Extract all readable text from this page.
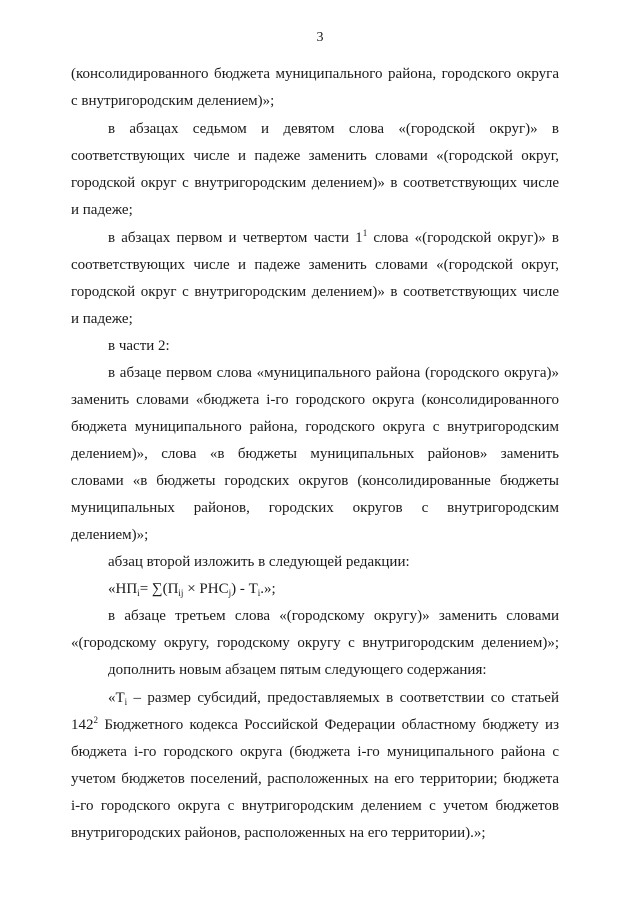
3
(консолидированного бюджета муниципального района, городского округа
с внутригородским делением)»;
в абзацах седьмом и девятом слова «(городской округ)» в
соответствующих числе и падеже заменить словами «(городской округ,
городской округ с внутригородским делением)» в соответствующих числе
и падеже;
в абзацах первом и четвертом части $1^1$ слова «(городской округ)» в
соответствующих числе и падеже заменить словами «(городской округ,
городской округ с внутригородским делением)» в соответствующих числе
и падеже;
в части 2:
в абзаце первом слова «муниципального района (городского округа)»
заменить словами «бюджета i-го городского округа (консолидированного
бюджета муниципального района, городского округа с внутригородским
делением)», слова «в бюджеты муниципальных районов» заменить
словами «в бюджеты городских округов (консолидированные бюджеты
муниципальных районов, городских округов с внутригородским
делением)»;
абзац второй изложить в следующей редакции:
«$НП_i= \sum(П_{ij} \times РНС_j) - Т_i$.»;
в абзаце третьем слова «(городскому округу)» заменить словами
«(городскому округу, городскому округу с внутригородским делением)»;
дополнить новым абзацем пятым следующего содержания:
«$Т_i$ – размер субсидий, предоставляемых в соответствии со статьей
$142^2$ Бюджетного кодекса Российской Федерации областному бюджету из
бюджета i-го городского округа (бюджета i-го муниципального района с
учетом бюджетов поселений, расположенных на его территории; бюджета
i-го городского округа с внутригородским делением с учетом бюджетов
внутригородских районов, расположенных на его территории).»;
